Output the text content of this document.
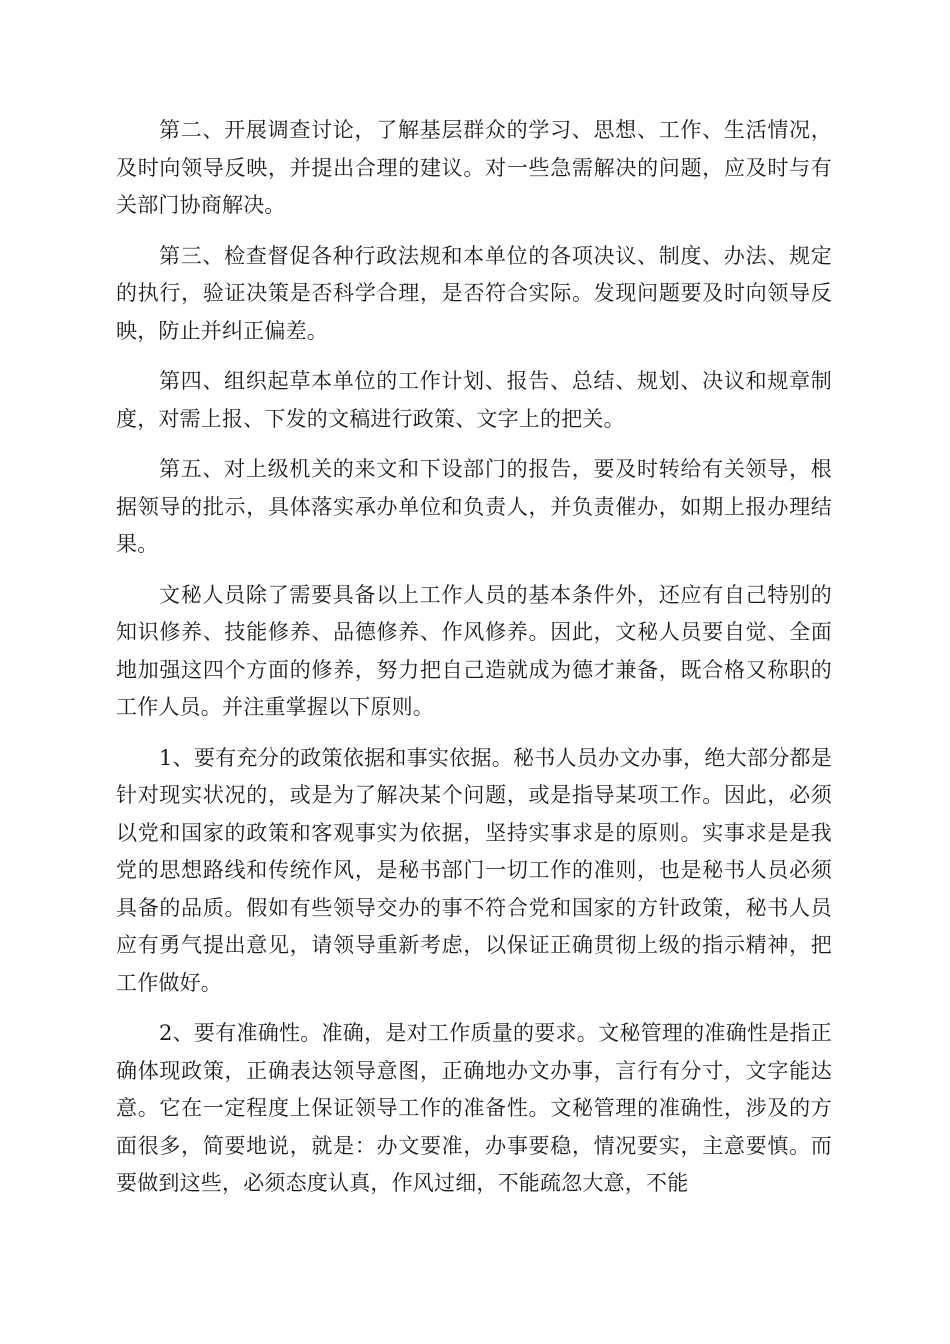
第二、开展调查讨论，了解基层群众的学习、思想、工作、生活情况，及时向领导反映，并提出合理的建议。对一些急需解决的问题，应及时与有关部门协商解决。

第三、检查督促各种行政法规和本单位的各项决议、制度、办法、规定的执行，验证决策是否科学合理，是否符合实际。发现问题要及时向领导反映，防止并纠正偏差。

第四、组织起草本单位的工作计划、报告、总结、规划、决议和规章制度，对需上报、下发的文稿进行政策、文字上的把关。

第五、对上级机关的来文和下设部门的报告，要及时转给有关领导，根据领导的批示，具体落实承办单位和负责人，并负责催办，如期上报办理结果。

文秘人员除了需要具备以上工作人员的基本条件外，还应有自己特别的知识修养、技能修养、品德修养、作风修养。因此，文秘人员要自觉、全面地加强这四个方面的修养，努力把自己造就成为德才兼备，既合格又称职的工作人员。并注重掌握以下原则。

1、要有充分的政策依据和事实依据。秘书人员办文办事，绝大部分都是针对现实状况的，或是为了解决某个问题，或是指导某项工作。因此，必须以党和国家的政策和客观事实为依据，坚持实事求是的原则。实事求是是我党的思想路线和传统作风，是秘书部门一切工作的准则，也是秘书人员必须具备的品质。假如有些领导交办的事不符合党和国家的方针政策，秘书人员应有勇气提出意见，请领导重新考虑，以保证正确贯彻上级的指示精神，把工作做好。

2、要有准确性。准确，是对工作质量的要求。文秘管理的准确性是指正确体现政策，正确表达领导意图，正确地办文办事，言行有分寸，文字能达意。它在一定程度上保证领导工作的准备性。文秘管理的准确性，涉及的方面很多，简要地说，就是：办文要准，办事要稳，情况要实，主意要慎。而要做到这些，必须态度认真，作风过细，不能疏忽大意，不能
